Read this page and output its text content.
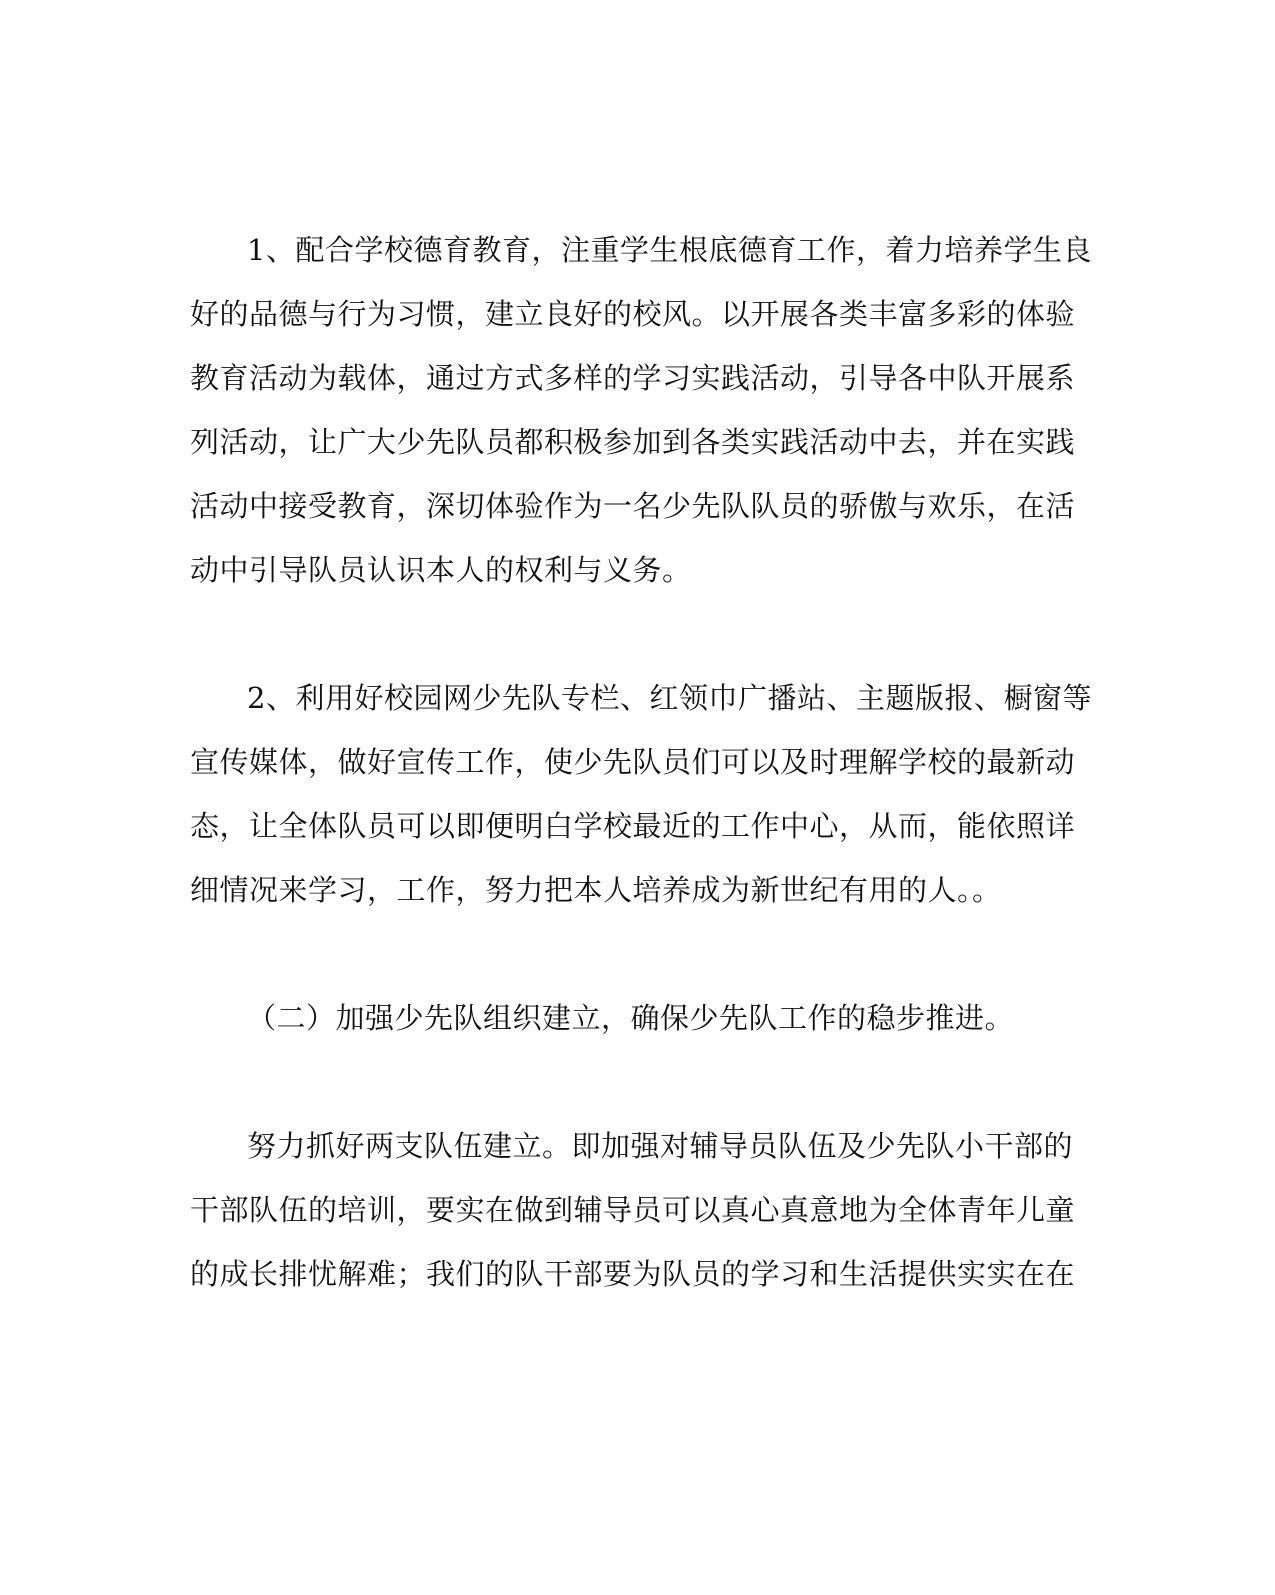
1、配合学校德育教育，注重学生根底德育工作，着力培养学生良
好的品德与行为习惯，建立良好的校风。以开展各类丰富多彩的体验
教育活动为载体，通过方式多样的学习实践活动，引导各中队开展系
列活动，让广大少先队员都积极参加到各类实践活动中去，并在实践
活动中接受教育，深切体验作为一名少先队队员的骄傲与欢乐，在活
动中引导队员认识本人的权利与义务。
2、利用好校园网少先队专栏、红领巾广播站、主题版报、橱窗等
宣传媒体，做好宣传工作，使少先队员们可以及时理解学校的最新动
态，让全体队员可以即便明白学校最近的工作中心，从而，能依照详
细情况来学习，工作，努力把本人培养成为新世纪有用的人。。
（二）加强少先队组织建立，确保少先队工作的稳步推进。
努力抓好两支队伍建立。即加强对辅导员队伍及少先队小干部的
干部队伍的培训，要实在做到辅导员可以真心真意地为全体青年儿童
的成长排忧解难；我们的队干部要为队员的学习和生活提供实实在在
